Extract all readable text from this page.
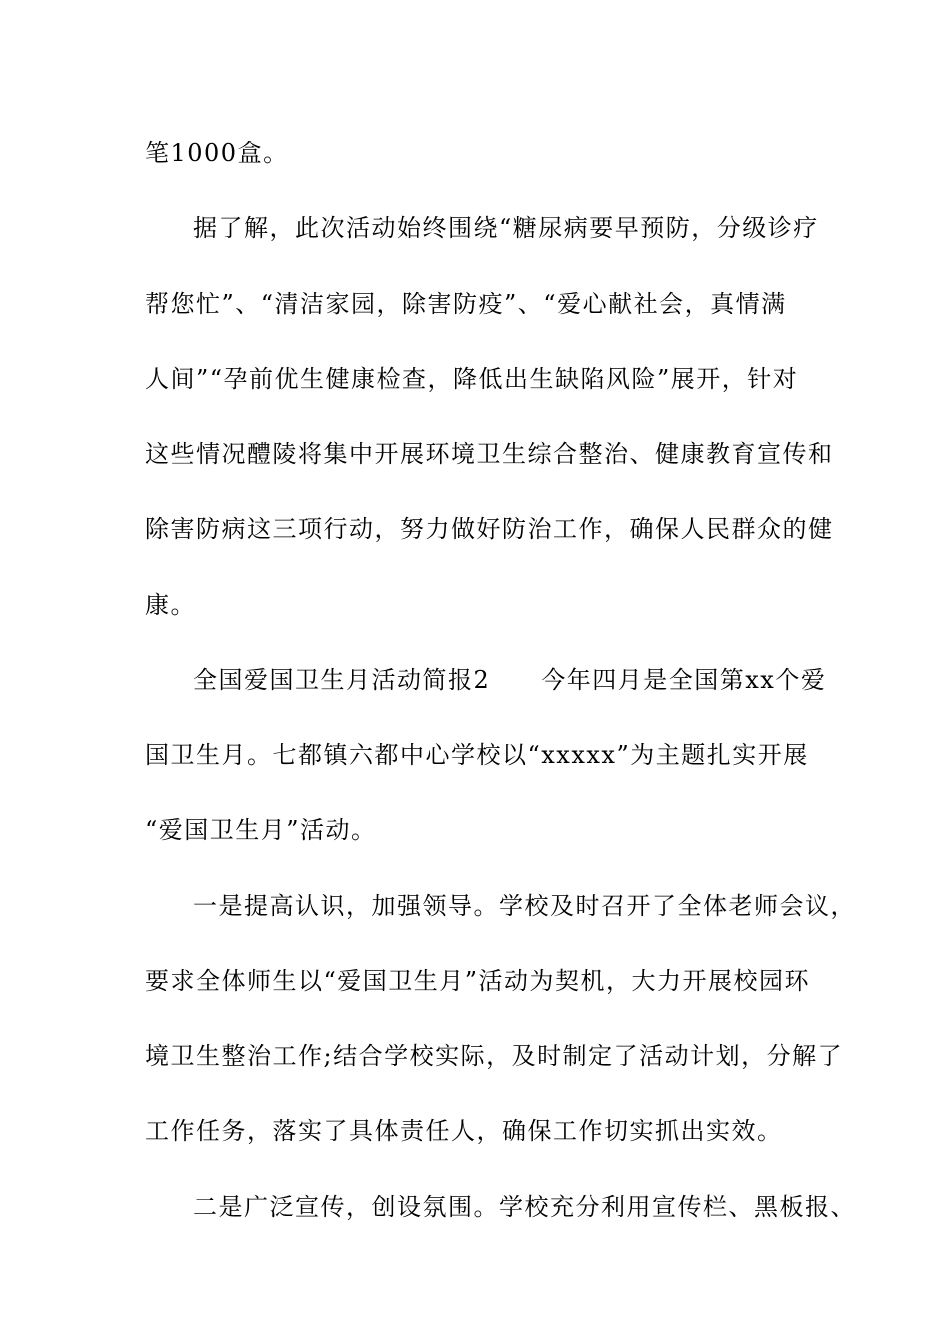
笔1000盒。
据了解，此次活动始终围绕“糖尿病要早预防，分级诊疗
帮您忙”、“清洁家园，除害防疫”、“爱心献社会，真情满
人间”“孕前优生健康检查，降低出生缺陷风险”展开，针对
这些情况醴陵将集中开展环境卫生综合整治、健康教育宣传和
除害防病这三项行动，努力做好防治工作，确保人民群众的健
康。
全国爱国卫生月活动简报2　　今年四月是全国第xx个爱
国卫生月。七都镇六都中心学校以“xxxxx”为主题扎实开展
“爱国卫生月”活动。
一是提高认识，加强领导。学校及时召开了全体老师会议，
要求全体师生以“爱国卫生月”活动为契机，大力开展校园环
境卫生整治工作;结合学校实际，及时制定了活动计划，分解了
工作任务，落实了具体责任人，确保工作切实抓出实效。
二是广泛宣传，创设氛围。学校充分利用宣传栏、黑板报、
